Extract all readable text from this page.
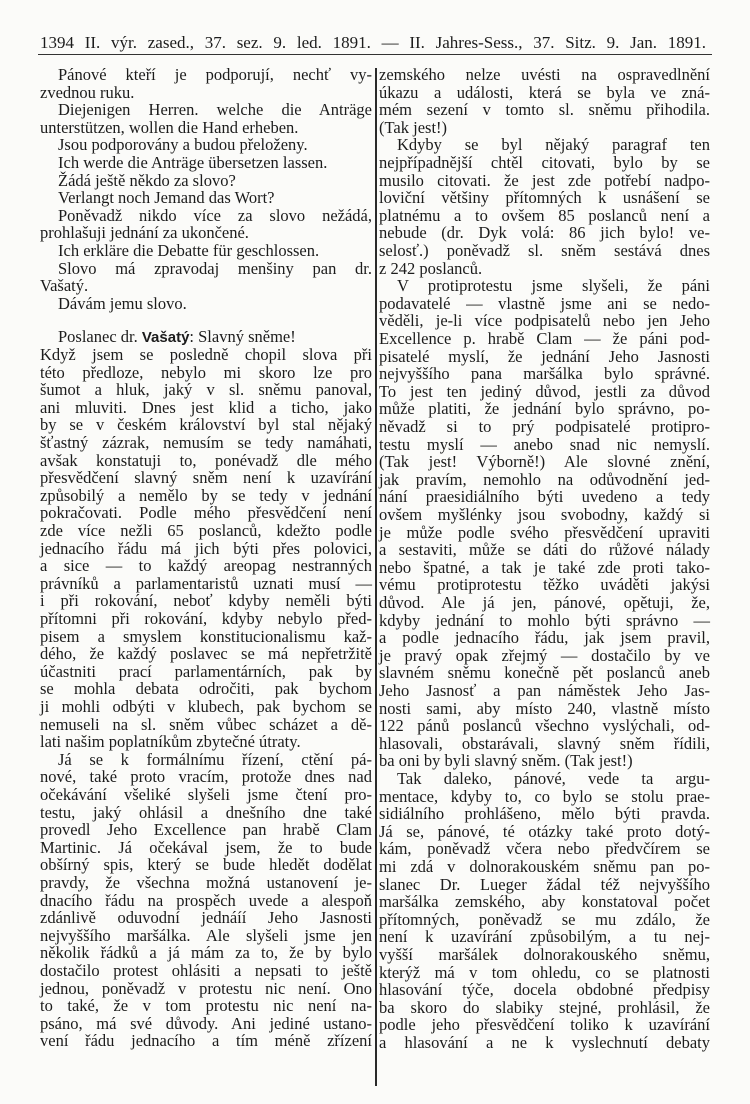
1394 II. výr. zased., 37. sez. 9. led. 1891. — II. Jahres-Sess., 37. Sitz. 9. Jan. 1891.
Pánové kteří je podporují, nechť vy-
zvednou ruku.
Diejenigen Herren. welche die Anträge
unterstützen, wollen die Hand erheben.
Jsou podporovány a budou přeloženy.
Ich werde die Anträge übersetzen lassen.
Žádá ještě někdo za slovo?
Verlangt noch Jemand das Wort?
Poněvadž nikdo více za slovo nežádá,
prohlašuji jednání za ukončené.
Ich erkläre die Debatte für geschlossen.
Slovo má zpravodaj menšiny pan dr.
Vašatý.
Dávám jemu slovo.
Poslanec dr. Vašatý: Slavný sněme!
Když jsem se posledně chopil slova při
této předloze, nebylo mi skoro lze pro
šumot a hluk, jaký v sl. sněmu panoval,
ani mluviti. Dnes jest klid a ticho, jako
by se v českém království byl stal nějaký
šťastný zázrak, nemusím se tedy namáhati,
avšak konstatuji to, ponévadž dle mého
přesvědčení slavný sněm není k uzavírání
způsobilý a nemělo by se tedy v jednání
pokračovati. Podle mého přesvědčení není
zde více nežli 65 poslanců, kdežto podle
jednacího řádu má jich býti přes polovici,
a sice — to každý areopag nestranných
právníků a parlamentaristů uznati musí —
i při rokování, neboť kdyby neměli býti
přítomni při rokování, kdyby nebylo před-
pisem a smyslem konstitucionalismu kaž-
dého, že každý poslavec se má nepřetržitě
účastniti prací parlamentárních, pak by
se mohla debata odročiti, pak bychom
ji mohli odbýti v klubech, pak bychom se
nemuseli na sl. sněm vůbec scházet a dě-
lati našim poplatníkům zbytečné útraty.
Já se k formálnímu řízení, ctění pá-
nové, také proto vracím, protože dnes nad
očekávání všeliké slyšeli jsme čtení pro-
testu, jaký ohlásil a dnešního dne také
provedl Jeho Excellence pan hrabě Clam
Martinic. Já očekával jsem, že to bude
obšírný spis, který se bude hledět dodělat
pravdy, že všechna možná ustanovení je-
dnacího řádu na prospěch uvede a alespoň
zdánlivě oduvodní jednáíí Jeho Jasnosti
nejvyššího maršálka. Ale slyšeli jsme jen
několik řádků a já mám za to, že by bylo
dostačilo protest ohlásiti a nepsati to ještě
jednou, poněvadž v protestu nic není. Ono
to také, že v tom protestu nic není na-
psáno, má své důvody. Ani jediné ustano-
vení řádu jednacího a tím méně zřízení
zemského nelze uvésti na ospravedlnění
úkazu a události, která se byla ve zná-
mém sezení v tomto sl. sněmu přihodila.
(Tak jest!)
Kdyby se byl nějaký paragraf ten
nejpřípadnější chtěl citovati, bylo by se
musilo citovati. že jest zde potřebí nadpo-
loviční většiny přítomných k usnášení se
platnému a to ovšem 85 poslanců není a
nebude (dr. Dyk volá: 86 jich bylo! ve-
selosť.) poněvadž sl. sněm sestává dnes
z 242 poslanců.
V protiprotestu jsme slyšeli, že páni
podavatelé — vlastně jsme ani se nedo-
věděli, je-li více podpisatelů nebo jen Jeho
Excellence p. hrabě Clam — že páni pod-
pisatelé myslí, že jednání Jeho Jasnosti
nejvyššího pana maršálka bylo správné.
To jest ten jediný důvod, jestli za důvod
může platiti, že jednání bylo správno, po-
něvadž si to prý podpisatelé protipro-
testu myslí — anebo snad nic nemyslí.
(Tak jest! Výborně!) Ale slovné znění,
jak pravím, nemohlo na odůvodnění jed-
nání praesidiálního býti uvedeno a tedy
ovšem myšlénky jsou svobodny, každý si
je může podle svého přesvědčení upraviti
a sestaviti, může se dáti do růžové nálady
nebo špatné, a tak je také zde proti tako-
vému protiprotestu těžko uváděti jakýsi
důvod. Ale já jen, pánové, opětuji, že,
kdyby jednání to mohlo býti správno —
a podle jednacího řádu, jak jsem pravil,
je pravý opak zřejmý — dostačilo by ve
slavném sněmu konečně pět poslanců aneb
Jeho Jasnosť a pan náměstek Jeho Jas-
nosti sami, aby místo 240, vlastně místo
122 pánů poslanců všechno vyslýchali, od-
hlasovali, obstarávali, slavný sněm řídili,
ba oni by byli slavný sněm. (Tak jest!)
Tak daleko, pánové, vede ta argu-
mentace, kdyby to, co bylo se stolu prae-
sidiálního prohlášeno, mělo býti pravda.
Já se, pánové, té otázky také proto dotý-
kám, poněvadž včera nebo předvčírem se
mi zdá v dolnorakouském sněmu pan po-
slanec Dr. Lueger žádal též nejvyššího
maršálka zemského, aby konstatoval počet
přítomných, poněvadž se mu zdálo, že
není k uzavírání způsobilým, a tu nej-
vyšší maršálek dolnorakouského sněmu,
kterýž má v tom ohledu, co se platnosti
hlasování týče, docela obdobné předpisy
ba skoro do slabiky stejné, prohlásil, že
podle jeho přesvědčení toliko k uzavírání
a hlasování a ne k vyslechnutí debaty
